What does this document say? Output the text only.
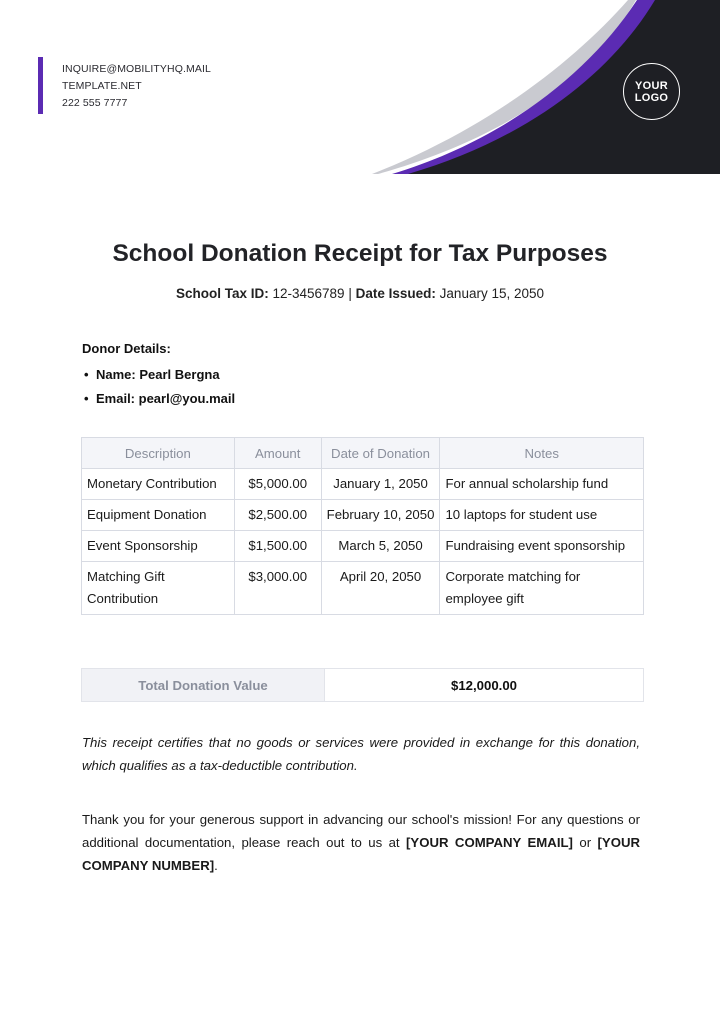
INQUIRE@MOBILITYHQ.MAIL
TEMPLATE.NET
222 555 7777
YOUR
LOGO
School Donation Receipt for Tax Purposes
School Tax ID: 12-3456789 | Date Issued: January 15, 2050
Donor Details:
• Name: Pearl Bergna
• Email: pearl@you.mail
Description	Amount	Date of Donation	Notes
Monetary Contribution	$5,000.00	January 1, 2050	For annual scholarship fund
Equipment Donation	$2,500.00	February 10, 2050	10 laptops for student use
Event Sponsorship	$1,500.00	March 5, 2050	Fundraising event sponsorship
Matching Gift Contribution	$3,000.00	April 20, 2050	Corporate matching for employee gift
Total Donation Value	$12,000.00
This receipt certifies that no goods or services were provided in exchange for this donation, which qualifies as a tax-deductible contribution.
Thank you for your generous support in advancing our school's mission! For any questions or additional documentation, please reach out to us at [YOUR COMPANY EMAIL] or [YOUR COMPANY NUMBER].
